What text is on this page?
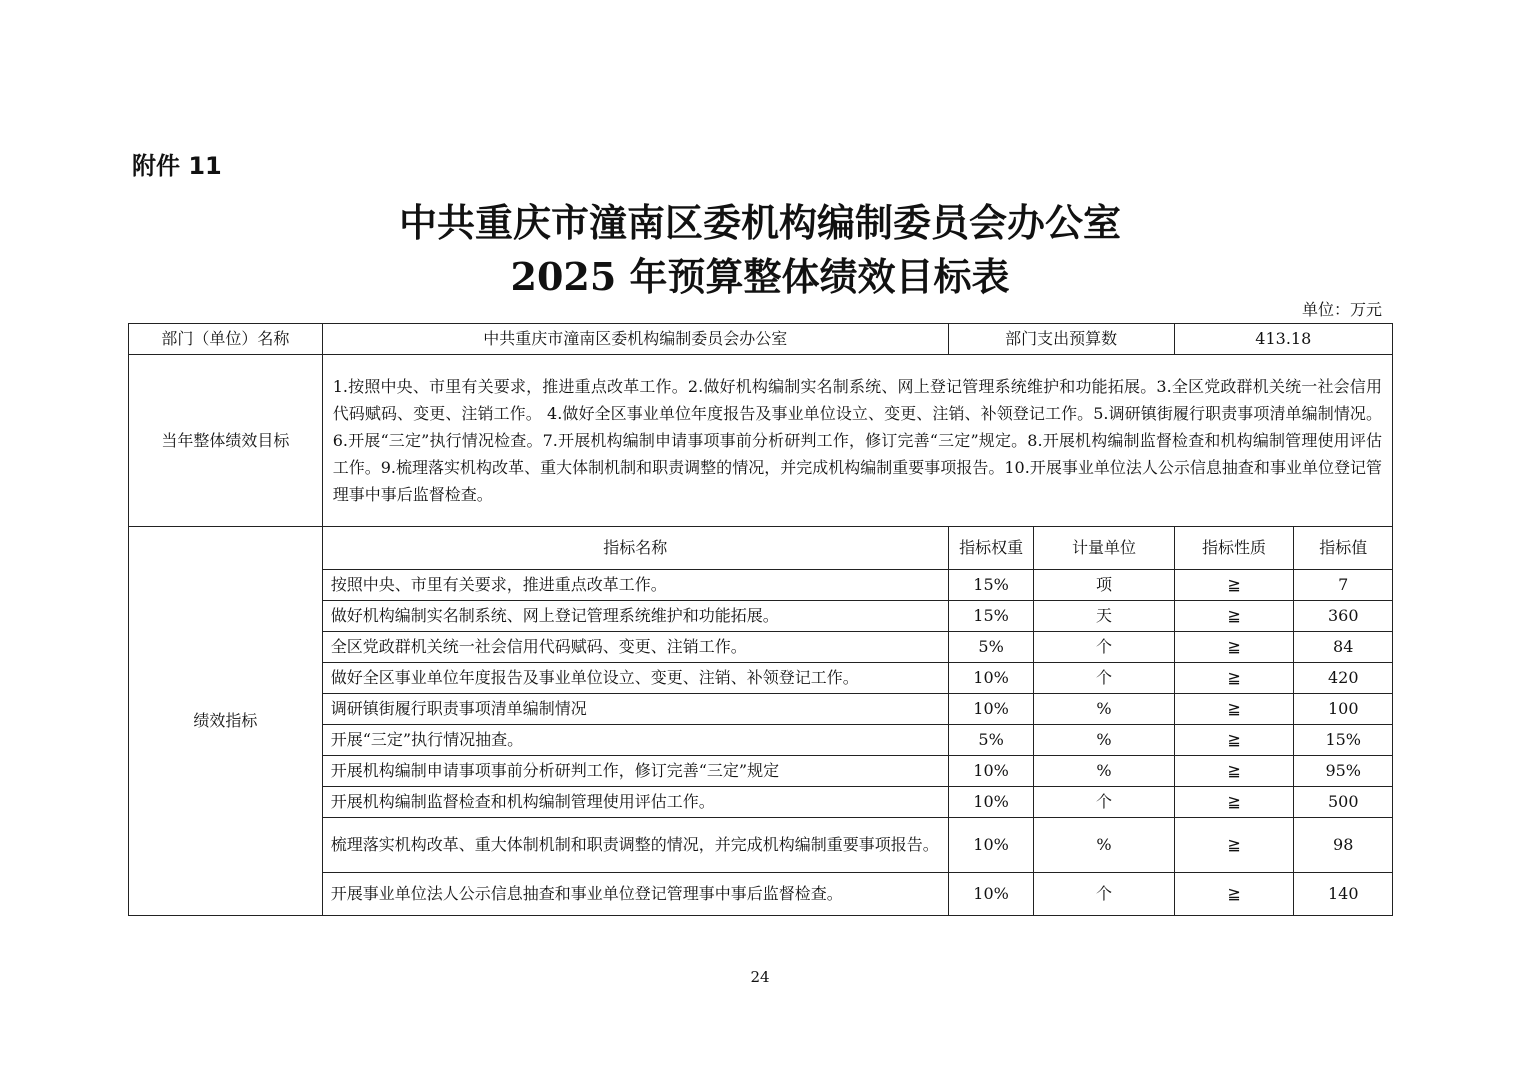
附件 11
中共重庆市潼南区委机构编制委员会办公室
2025 年预算整体绩效目标表
单位：万元
部门（单位）名称	中共重庆市潼南区委机构编制委员会办公室	部门支出预算数		413.18	
当年整体绩效目标	1.按照中央、市里有关要求，推进重点改革工作。2.做好机构编制实名制系统、网上登记管理系统维护和功能拓展。3.全区党政群机关统一社会信用代码赋码、变更、注销工作。 4.做好全区事业单位年度报告及事业单位设立、变更、注销、补领登记工作。5.调研镇街履行职责事项清单编制情况。6.开展“三定”执行情况检查。7.开展机构编制申请事项事前分析研判工作，修订完善“三定”规定。8.开展机构编制监督检查和机构编制管理使用评估工作。9.梳理落实机构改革、重大体制机制和职责调整的情况，并完成机构编制重要事项报告。10.开展事业单位法人公示信息抽查和事业单位登记管理事中事后监督检查。				
绩效指标	指标名称	指标权重	计量单位	指标性质	指标值
	按照中央、市里有关要求，推进重点改革工作。	15%	项	≧	7
	做好机构编制实名制系统、网上登记管理系统维护和功能拓展。	15%	天	≧	360
	全区党政群机关统一社会信用代码赋码、变更、注销工作。	5%	个	≧	84
	做好全区事业单位年度报告及事业单位设立、变更、注销、补领登记工作。	10%	个	≧	420
	调研镇街履行职责事项清单编制情况	10%	%	≧	100
	开展“三定”执行情况抽查。	5%	%	≧	15%
	开展机构编制申请事项事前分析研判工作，修订完善“三定”规定	10%	%	≧	95%
	开展机构编制监督检查和机构编制管理使用评估工作。	10%	个	≧	500
	梳理落实机构改革、重大体制机制和职责调整的情况，并完成机构编制重要事项报告。	10%	%	≧	98
	开展事业单位法人公示信息抽查和事业单位登记管理事中事后监督检查。	10%	个	≧	140
24
